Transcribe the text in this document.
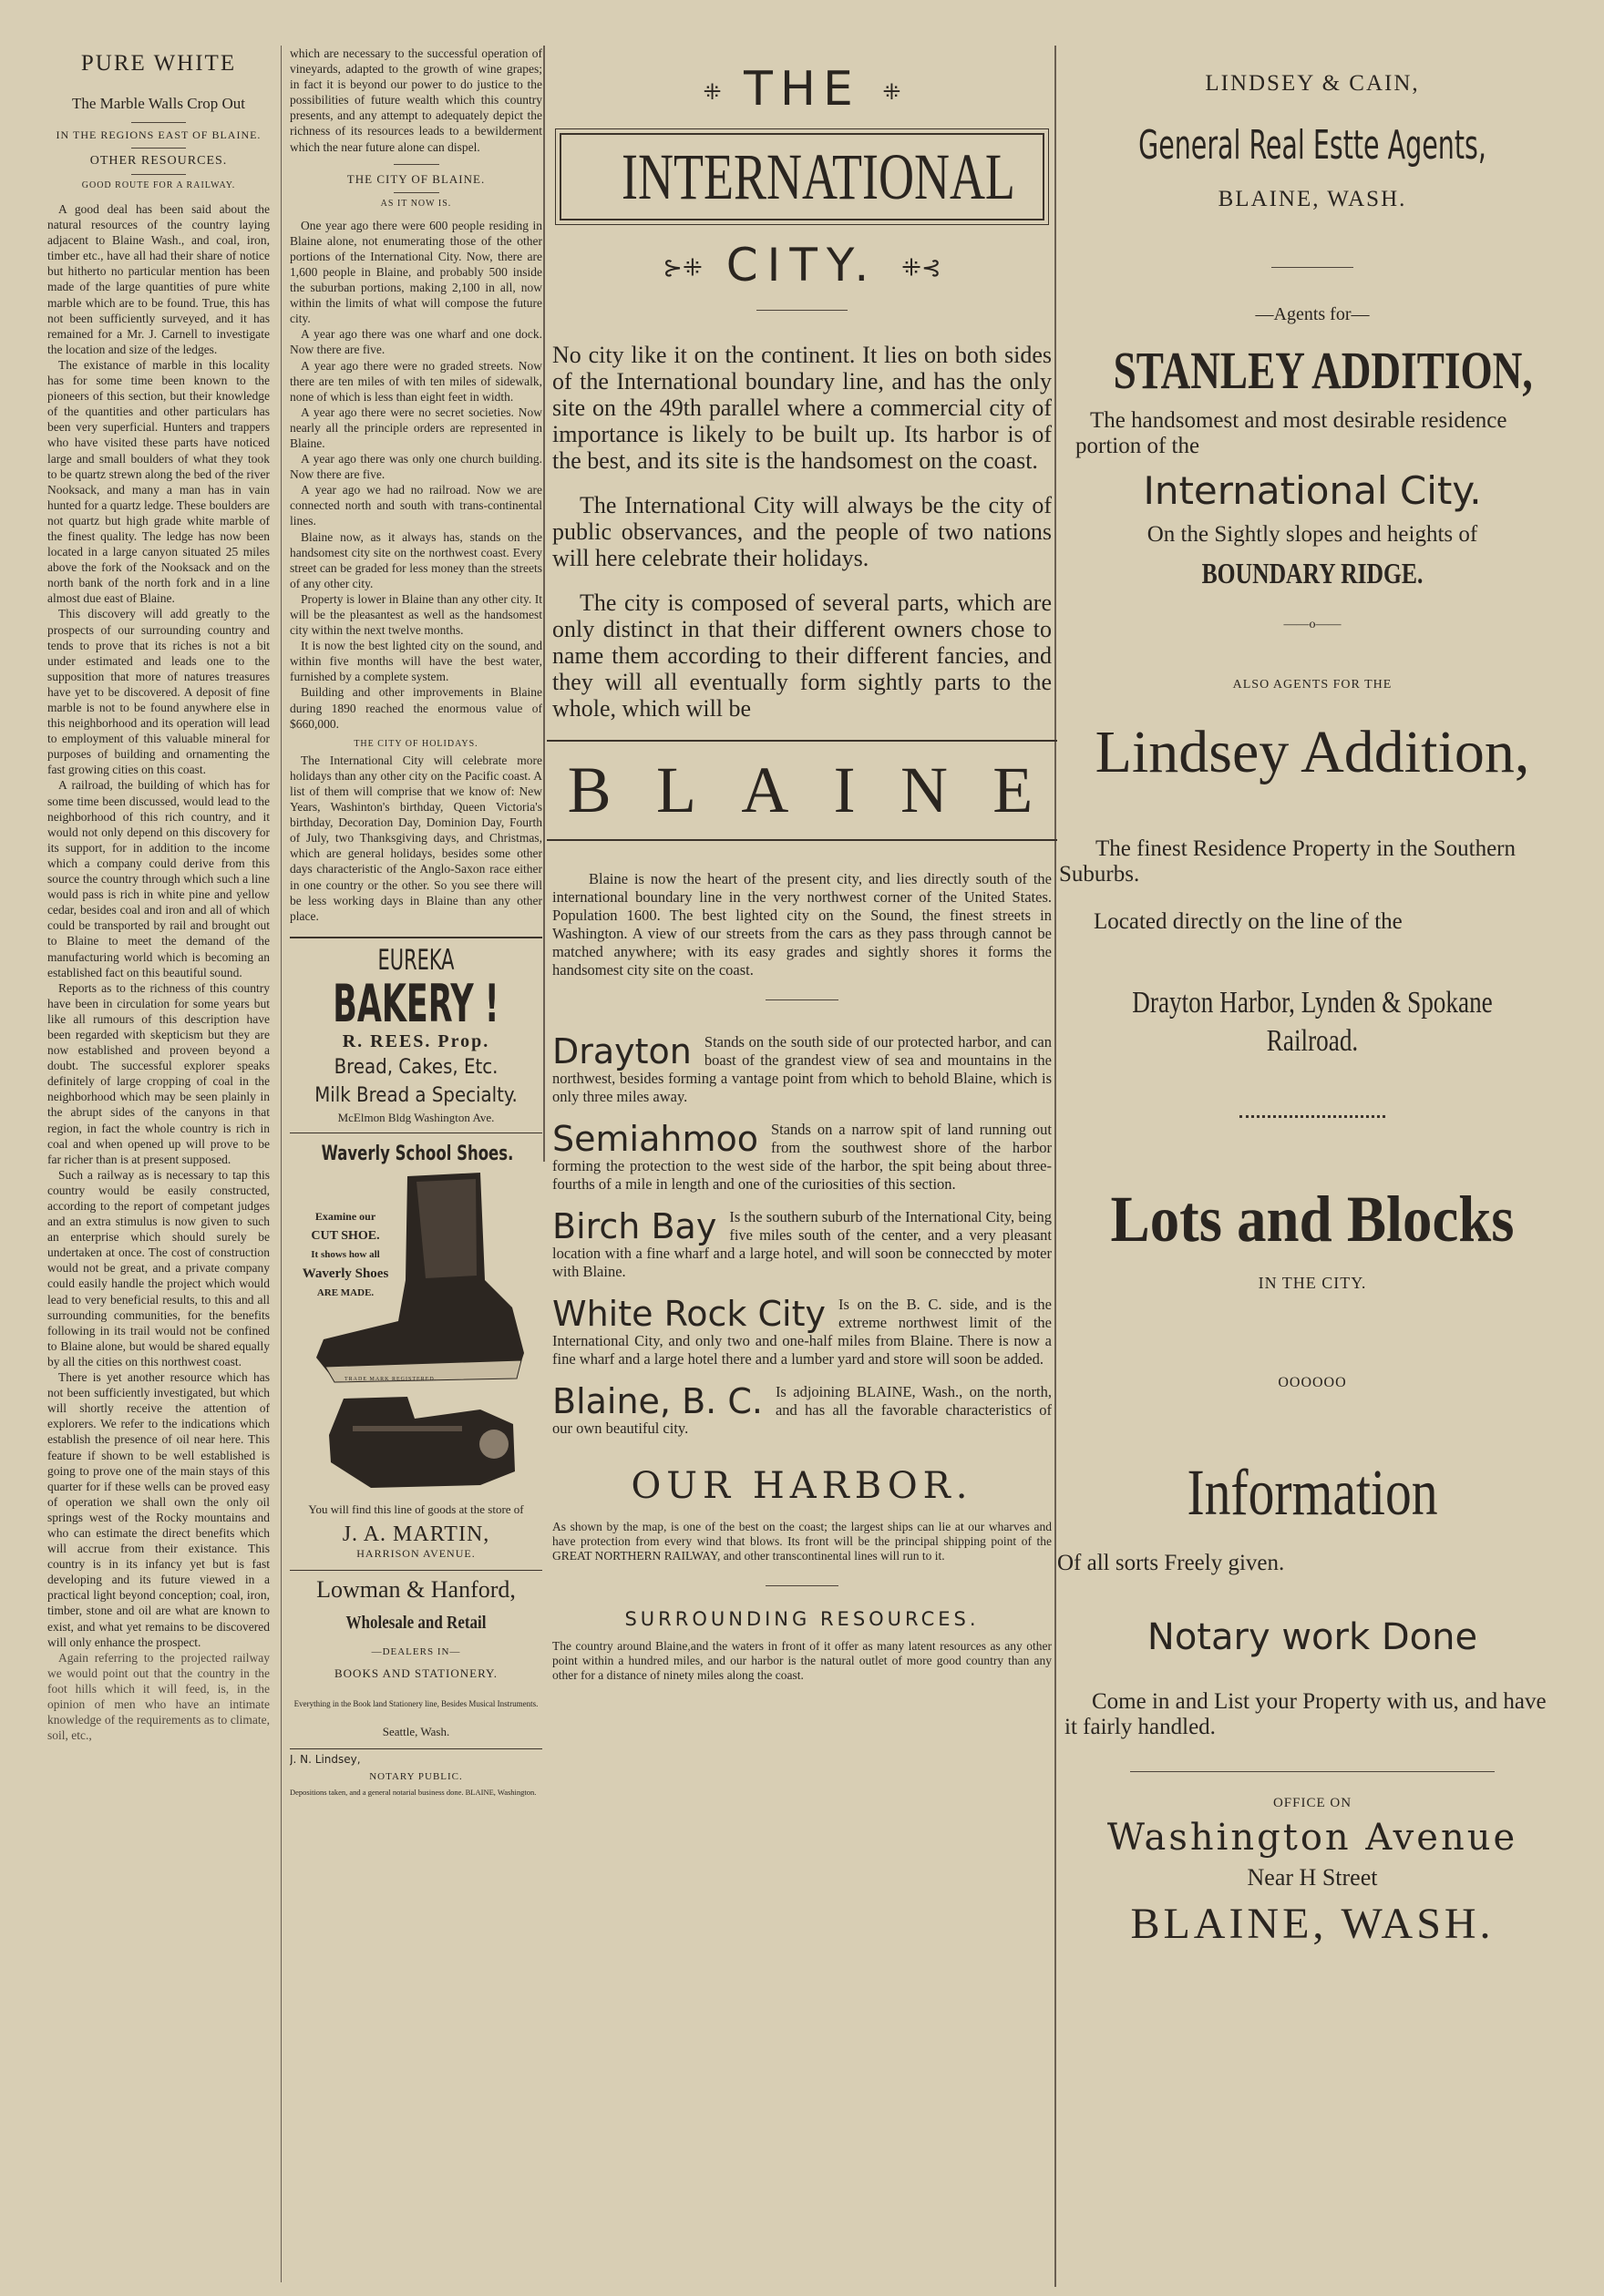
PURE WHITE
The Marble Walls Crop Out
IN THE REGIONS EAST OF BLAINE.
OTHER RESOURCES.
GOOD ROUTE FOR A RAILWAY.

A good deal has been said about the natural resources of the country laying adjacent to Blaine Wash., and coal, iron, timber etc., have all had their share of notice but hitherto no particular mention has been made of the large quantities of pure white marble which are to be found. True, this has not been sufficiently surveyed, and it has remained for a Mr. J. Carnell to investigate the location and size of the ledges.

The existance of marble in this locality has for some time been known to the pioneers of this section, but their knowledge of the quantities and other particulars has been very superficial. Hunters and trappers who have visited these parts have noticed large and small boulders of what they took to be quartz strewn along the bed of the river Nooksack, and many a man has in vain hunted for a quartz ledge. These boulders are not quartz but high grade white marble of the finest quality. The ledge has now been located in a large canyon situated 25 miles above the fork of the Nooksack and on the north bank of the north fork and in a line almost due east of Blaine.

This discovery will add greatly to the prospects of our surrounding country and tends to prove that its riches is not a bit under estimated and leads one to the supposition that more of natures treasures have yet to be discovered. A deposit of fine marble is not to be found anywhere else in this neighborhood and its operation will lead to employment of this valuable mineral for purposes of building and ornamenting the fast growing cities on this coast.

A railroad, the building of which has for some time been discussed, would lead to the neighborhood of this rich country, and it would not only depend on this discovery for its support, for in addition to the income which a company could derive from this source the country through which such a line would pass is rich in white pine and yellow cedar, besides coal and iron and all of which could be transported by rail and brought out to Blaine to meet the demand of the manufacturing world which is becoming an established fact on this beautiful sound.

Reports as to the richness of this country have been in circulation for some years but like all rumours of this description have been regarded with skepticism but they are now established and proveen beyond a doubt. The successful explorer speaks definitely of large cropping of coal in the neighborhood which may be seen plainly in the abrupt sides of the canyons in that region, in fact the whole country is rich in coal and when opened up will prove to be far richer than is at present supposed.

Such a railway as is necessary to tap this country would be easily constructed, according to the report of competant judges and an extra stimulus is now given to such an enterprise which should surely be undertaken at once. The cost of construction would not be great, and a private company could easily handle the project which would lead to very beneficial results, to this and all surrounding communities, for the benefits following in its trail would not be confined to Blaine alone, but would be shared equally by all the cities on this northwest coast.

There is yet another resource which has not been sufficiently investigated, but which will shortly receive the attention of explorers. We refer to the indications which establish the presence of oil near here. This feature if shown to be well established is going to prove one of the main stays of this quarter for if these wells can be proved easy of operation we shall own the only oil springs west of the Rocky mountains and who can estimate the direct benefits which will accrue from their existance. This country is in its infancy yet but is fast developing and its future viewed in a practical light beyond conception; coal, iron, timber, stone and oil are what are known to exist, and what yet remains to be discovered will only enhance the prospect.

Again referring to the projected railway we would point out that the country in the foot hills which it will feed, is, in the opinion of men who have an intimate knowledge of the requirements as to climate, soil, etc.,

which are necessary to the successful operation of vineyards, adapted to the growth of wine grapes; in fact it is beyond our power to do justice to the possibilities of future wealth which this country presents, and any attempt to adequately depict the richness of its resources leads to a bewilderment which the near future alone can dispel.

THE CITY OF BLAINE.
AS IT NOW IS.

One year ago there were 600 people residing in Blaine alone, not enumerating those of the other portions of the International City. Now, there are 1,600 people in Blaine, and probably 500 inside the suburban portions, making 2,100 in all, now within the limits of what will compose the future city.

A year ago there was one wharf and one dock. Now there are five.

A year ago there were no graded streets. Now there are ten miles of with ten miles of sidewalk, none of which is less than eight feet in width.

A year ago there were no secret societies. Now nearly all the principle orders are represented in Blaine.

A year ago there was only one church building. Now there are five.

A year ago we had no railroad. Now we are connected north and south with trans-continental lines.

Blaine now, as it always has, stands on the handsomest city site on the northwest coast. Every street can be graded for less money than the streets of any other city.

Property is lower in Blaine than any other city. It will be the pleasantest as well as the handsomest city within the next twelve months.

It is now the best lighted city on the sound, and within five months will have the best water, furnished by a complete system.

Building and other improvements in Blaine during 1890 reached the enormous value of $660,000.

THE CITY OF HOLIDAYS.

The International City will celebrate more holidays than any other city on the Pacific coast. A list of them will comprise that we know of: New Years, Washinton's birthday, Queen Victoria's birthday, Decoration Day, Dominion Day, Fourth of July, two Thanksgiving days, and Christmas, which are general holidays, besides some other days characteristic of the Anglo-Saxon race either in one country or the other. So you see there will be less working days in Blaine than any other place.

EUREKA
BAKERY !
R. REES. Prop.
Bread, Cakes, Etc.
Milk Bread a Specialty.
McElmon Bldg Washington Ave.
Waverly School Shoes.
Examine our
CUT SHOE.
It shows how all
Waverly Shoes
ARE MADE.
TRADE MARK REGISTERED.
You will find this line of goods at the store of
J. A. MARTIN,
HARRISON AVENUE.
Lowman & Hanford,
Wholesale and Retail
—DEALERS IN—
BOOKS AND STATIONERY.
Everything in the Book land Stationery line, Besides Musical Instruments.
Seattle, Wash.
J. N. Lindsey,
NOTARY PUBLIC.
Depositions taken, and a general notarial business done. BLAINE, Washington.
⁜ THE ⁜
INTERNATIONAL
⊱⁜ CITY. ⁜⊰

No city like it on the continent. It lies on both sides of the International boundary line, and has the only site on the 49th parallel where a commercial city of importance is likely to be built up. Its harbor is of the best, and its site is the handsomest on the coast.

The International City will always be the city of public observances, and the people of two nations will here celebrate their holidays.

The city is composed of several parts, which are only distinct in that their different owners chose to name them according to their different fancies, and they will all eventually form sightly parts to the whole, which will be

B L A I N E
Blaine is now the heart of the present city, and lies directly south of the international boundary line in the very northwest corner of the United States. Population 1600. The best lighted city on the Sound, the finest streets in Washington. A view of our streets from the cars as they pass through cannot be matched anywhere; with its easy grades and sightly shores it forms the handsomest city site on the coast.
Drayton Stands on the south side of our protected harbor, and can boast of the grandest view of sea and mountains in the northwest, besides forming a vantage point from which to behold Blaine, which is only three miles away.
Semiahmoo Stands on a narrow spit of land running out from the southwest shore of the harbor forming the protection to the west side of the harbor, the spit being about three-fourths of a mile in length and one of the curiosities of this section.
Birch Bay Is the southern suburb of the International City, being five miles south of the center, and a very pleasant location with a fine wharf and a large hotel, and will soon be conneccted by moter with Blaine.
White Rock City Is on the B. C. side, and is the extreme northwest limit of the International City, and only two and one-half miles from Blaine. There is now a fine wharf and a large hotel there and a lumber yard and store will soon be added.
Blaine, B. C. Is adjoining BLAINE, Wash., on the north, and has all the favorable characteristics of our own beautiful city.
OUR HARBOR.
As shown by the map, is one of the best on the coast; the largest ships can lie at our wharves and have protection from every wind that blows. Its front will be the principal shipping point of the GREAT NORTHERN RAILWAY, and other transcontinental lines will run to it.
SURROUNDING RESOURCES.
The country around Blaine,and the waters in front of it offer as many latent resources as any other point within a hundred miles, and our harbor is the natural outlet of more good country than any other for a distance of ninety miles along the coast.
LINDSEY & CAIN,
General Real Estte Agents,
BLAINE, WASH.
—Agents for—
STANLEY ADDITION,
The handsomest and most desirable residence portion of the
International City.
On the Sightly slopes and heights of
BOUNDARY RIDGE.
——o——
ALSO AGENTS FOR THE
Lindsey Addition,
The finest Residence Property in the Southern Suburbs.
Located directly on the line of the
Drayton Harbor, Lynden & Spokane Railroad.
Lots and Blocks
IN THE CITY.
OOOOOO
Information
Of all sorts Freely given.
Notary work Done
Come in and List your Property with us, and have it fairly handled.
OFFICE ON
Washington Avenue
Near H Street
BLAINE, WASH.
